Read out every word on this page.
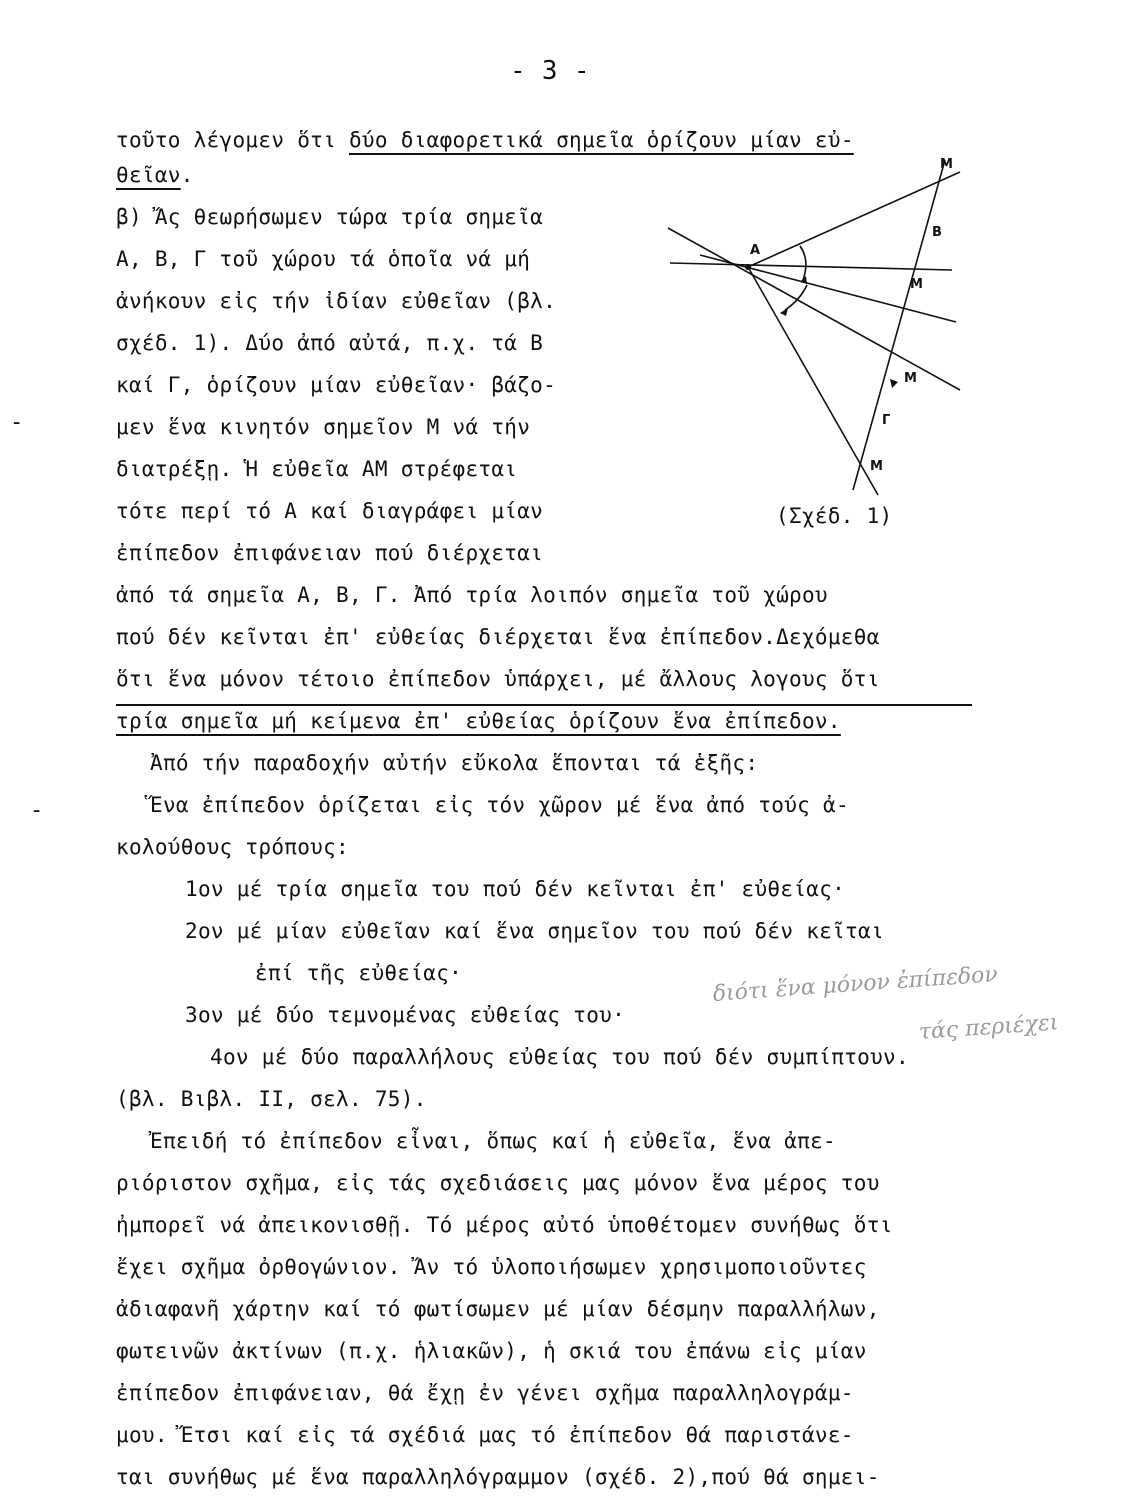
- 3 -
τοῦτο λέγομεν ὅτι δύο διαφορετικά σημεῖα ὁρίζουν μίαν εὐ-
θεῖαν.
β) Ἄς θεωρήσωμεν τώρα τρία σημεῖα
Α, Β, Γ τοῦ χώρου τά ὁποῖα νά μή
ἀνήκουν εἰς τήν ἰδίαν εὐθεῖαν (βλ.
σχέδ. 1). Δύο ἀπό αὐτά, π.χ. τά Β
καί Γ, ὁρίζουν μίαν εὐθεῖαν· βάζο-
μεν ἕνα κινητόν σημεῖον Μ νά τήν
διατρέξῃ. Ἡ εὐθεῖα ΑΜ στρέφεται
τότε περί τό Α καί διαγράφει μίαν
ἐπίπεδον ἐπιφάνειαν πού διέρχεται
ἀπό τά σημεῖα Α, Β, Γ. Ἀπό τρία λοιπόν σημεῖα τοῦ χώρου
πού δέν κεῖνται ἐπ' εὐθείας διέρχεται ἕνα ἐπίπεδον.Δεχόμεθα
ὅτι ἕνα μόνον τέτοιο ἐπίπεδον ὑπάρχει, μέ ἄλλους λογους ὅτι
τρία σημεῖα μή κείμενα ἐπ' εὐθείας ὁρίζουν ἕνα ἐπίπεδον.
Ἀπό τήν παραδοχήν αὐτήν εὔκολα ἕπονται τά ἑξῆς:
Ἕνα ἐπίπεδον ὁρίζεται εἰς τόν χῶρον μέ ἕνα ἀπό τούς ἀ-
κολούθους τρόπους:
1ον μέ τρία σημεῖα του πού δέν κεῖνται ἐπ' εὐθείας·
2ον μέ μίαν εὐθεῖαν καί ἕνα σημεῖον του πού δέν κεῖται
ἐπί τῆς εὐθείας·
3ον μέ δύο τεμνομένας εὐθείας του·
4ον μέ δύο παραλλήλους εὐθείας του πού δέν συμπίπτουν.
(βλ. Βιβλ. ΙΙ, σελ. 75).
Ἐπειδή τό ἐπίπεδον εἶναι, ὅπως καί ἡ εὐθεῖα, ἕνα ἀπε-
ριόριστον σχῆμα, εἰς τάς σχεδιάσεις μας μόνον ἕνα μέρος του
ἠμπορεῖ νά ἀπεικονισθῇ. Τό μέρος αὐτό ὑποθέτομεν συνήθως ὅτι
ἔχει σχῆμα ὀρθογώνιον. Ἄν τό ὑλοποιήσωμεν χρησιμοποιοῦντες
ἀδιαφανῆ χάρτην καί τό φωτίσωμεν μέ μίαν δέσμην παραλλήλων,
φωτεινῶν ἀκτίνων (π.χ. ἡλιακῶν), ἡ σκιά του ἐπάνω εἰς μίαν
ἐπίπεδον ἐπιφάνειαν, θά ἔχῃ ἐν γένει σχῆμα παραλληλογράμ-
μου. Ἔτσι καί εἰς τά σχέδιά μας τό ἐπίπεδον θά παριστάνε-
ται συνήθως μέ ἕνα παραλληλόγραμμον (σχέδ. 2),πού θά σημει-
-
-
διότι ἕνα μόνον ἐπίπεδον
τάς περιέχει
Α
Β
Γ
Μ
Μ
Μ
Μ
(Σχέδ. 1)
